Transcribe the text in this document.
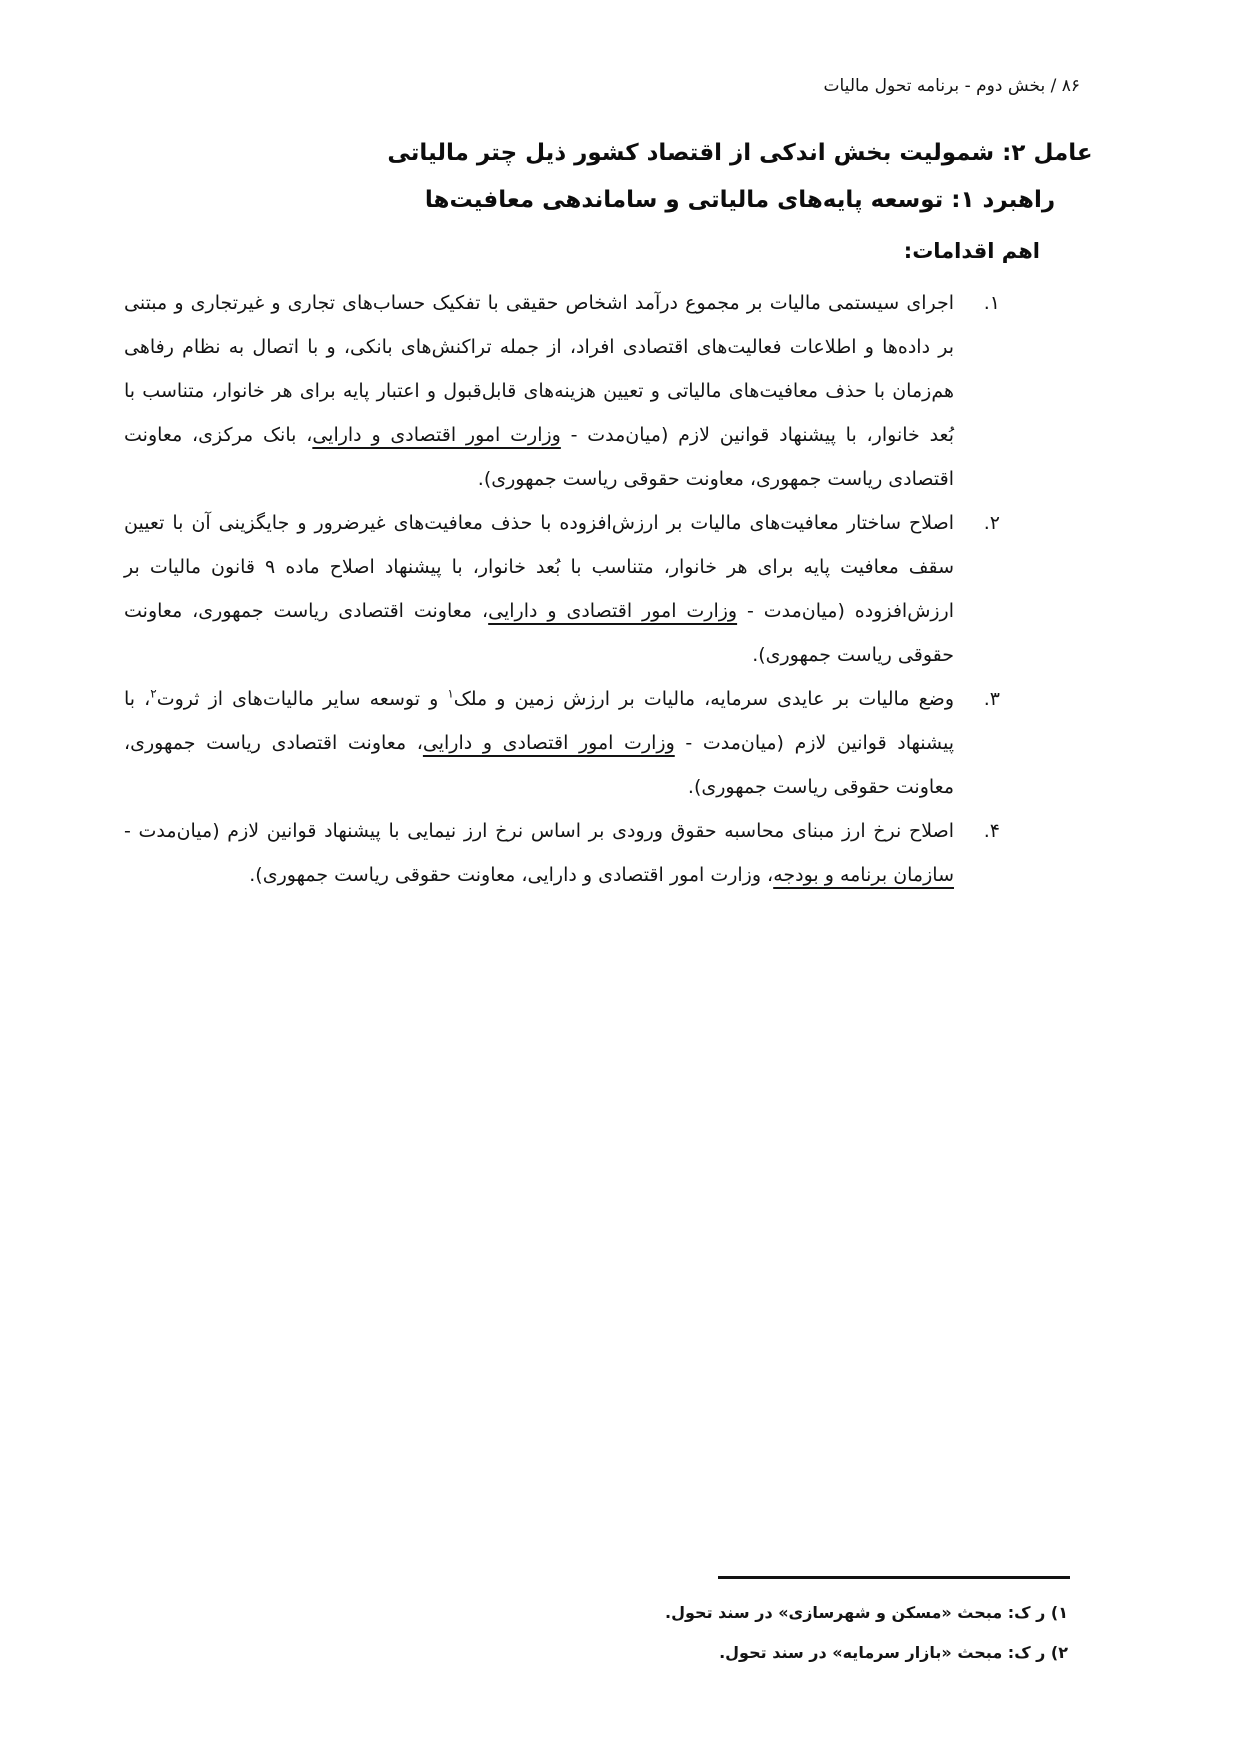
۸۶ / بخش دوم - برنامه تحول مالیات
عامل ۲: شمولیت بخش اندکی از اقتصاد کشور ذیل چتر مالیاتی
راهبرد ۱: توسعه پایه‌های مالیاتی و ساماندهی معافیت‌ها
اهم اقدامات:
۱.
اجرای سیستمی مالیات بر مجموع درآمد اشخاص حقیقی با تفکیک حساب‌های تجاری و غیرتجاری و مبتنی بر داده‌ها و اطلاعات فعالیت‌های اقتصادی افراد، از جمله تراکنش‌های بانکی، و با اتصال به نظام رفاهی هم‌زمان با حذف معافیت‌های مالیاتی و تعیین هزینه‌های قابل‌قبول و اعتبار پایه برای هر خانوار، متناسب با بُعد خانوار، با پیشنهاد قوانین لازم (میان‌مدت - وزارت امور اقتصادی و دارایی، بانک مرکزی، معاونت اقتصادی ریاست جمهوری، معاونت حقوقی ریاست جمهوری).
۲.
اصلاح ساختار معافیت‌های مالیات بر ارزش‌افزوده با حذف معافیت‌های غیرضرور و جایگزینی آن با تعیین سقف معافیت پایه برای هر خانوار، متناسب با بُعد خانوار، با پیشنهاد اصلاح ماده ۹ قانون مالیات بر ارزش‌افزوده (میان‌مدت - وزارت امور اقتصادی و دارایی، معاونت اقتصادی ریاست جمهوری، معاونت حقوقی ریاست جمهوری).
۳.
وضع مالیات بر عایدی سرمایه، مالیات بر ارزش زمین و ملک$^۱$ و توسعه سایر مالیات‌های از ثروت$^۲$، با پیشنهاد قوانین لازم (میان‌مدت - وزارت امور اقتصادی و دارایی، معاونت اقتصادی ریاست جمهوری، معاونت حقوقی ریاست جمهوری).
۴.
اصلاح نرخ ارز مبنای محاسبه حقوق ورودی بر اساس نرخ ارز نیمایی با پیشنهاد قوانین لازم (میان‌مدت - سازمان برنامه و بودجه، وزارت امور اقتصادی و دارایی، معاونت حقوقی ریاست جمهوری).
۱) ر ک: مبحث «مسکن و شهرسازی» در سند تحول.
۲) ر ک: مبحث «بازار سرمایه» در سند تحول.
